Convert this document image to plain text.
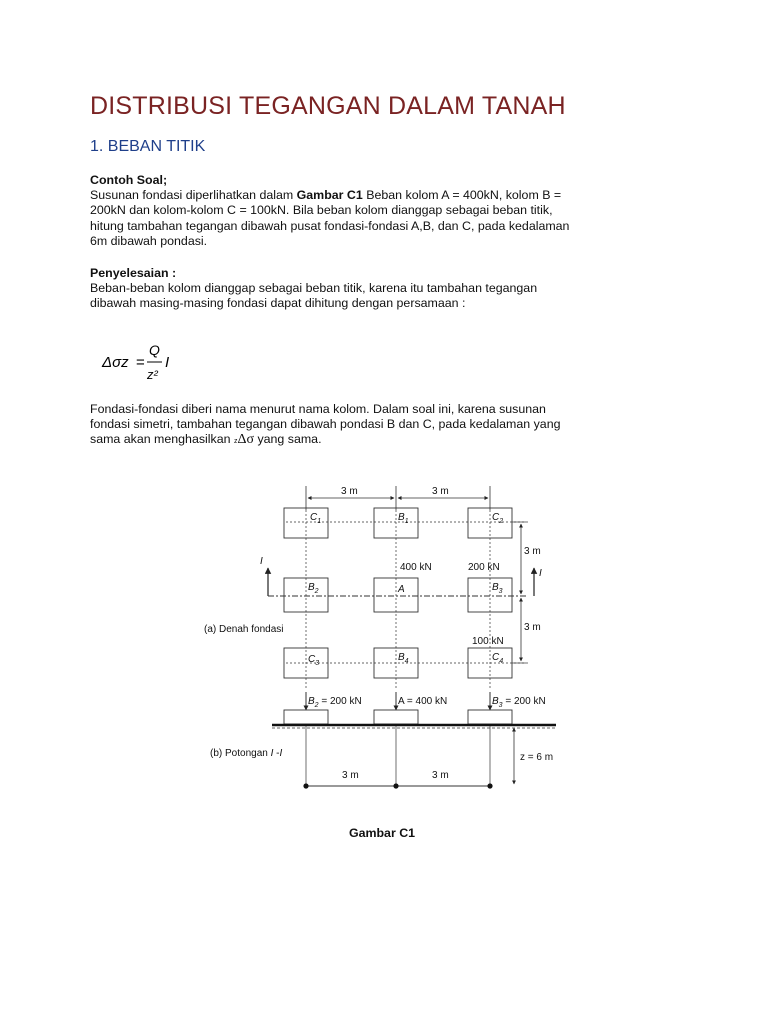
DISTRIBUSI TEGANGAN DALAM TANAH
1. BEBAN TITIK

Contoh Soal;

Susunan fondasi diperlihatkan dalam Gambar C1 Beban kolom A = 400kN, kolom B =
200kN dan kolom-kolom C = 100kN. Bila beban kolom dianggap sebagai beban titik,
hitung tambahan tegangan dibawah pusat fondasi-fondasi A,B, dan C, pada kedalaman
6m dibawah pondasi.

Penyelesaian :

Beban-beban kolom dianggap sebagai beban titik, karena itu tambahan tegangan
dibawah masing-masing fondasi dapat dihitung dengan persamaan :

Δσz =
Q
z²
I

Fondasi-fondasi diberi nama menurut nama kolom. Dalam soal ini, karena susunan
fondasi simetri, tambahan tegangan dibawah pondasi B dan C, pada kedalaman yang
sama akan menghasilkan zΔσ yang sama.

3 m	3 m
3 m
3 m
$C_1$	$B_1$	$C_2$
$B_2$	A	$B_3$
$C_3$
$B_4$	$C_4$
400 kN	200 kN
100 kN
I
I
(a) Denah fondasi
$B_2 = 200$ kN	A = 400 kN	$B_3 = 200$ kN
(b) Potongan I -I	z = 6 m
3 m	3 m

Gambar C1
